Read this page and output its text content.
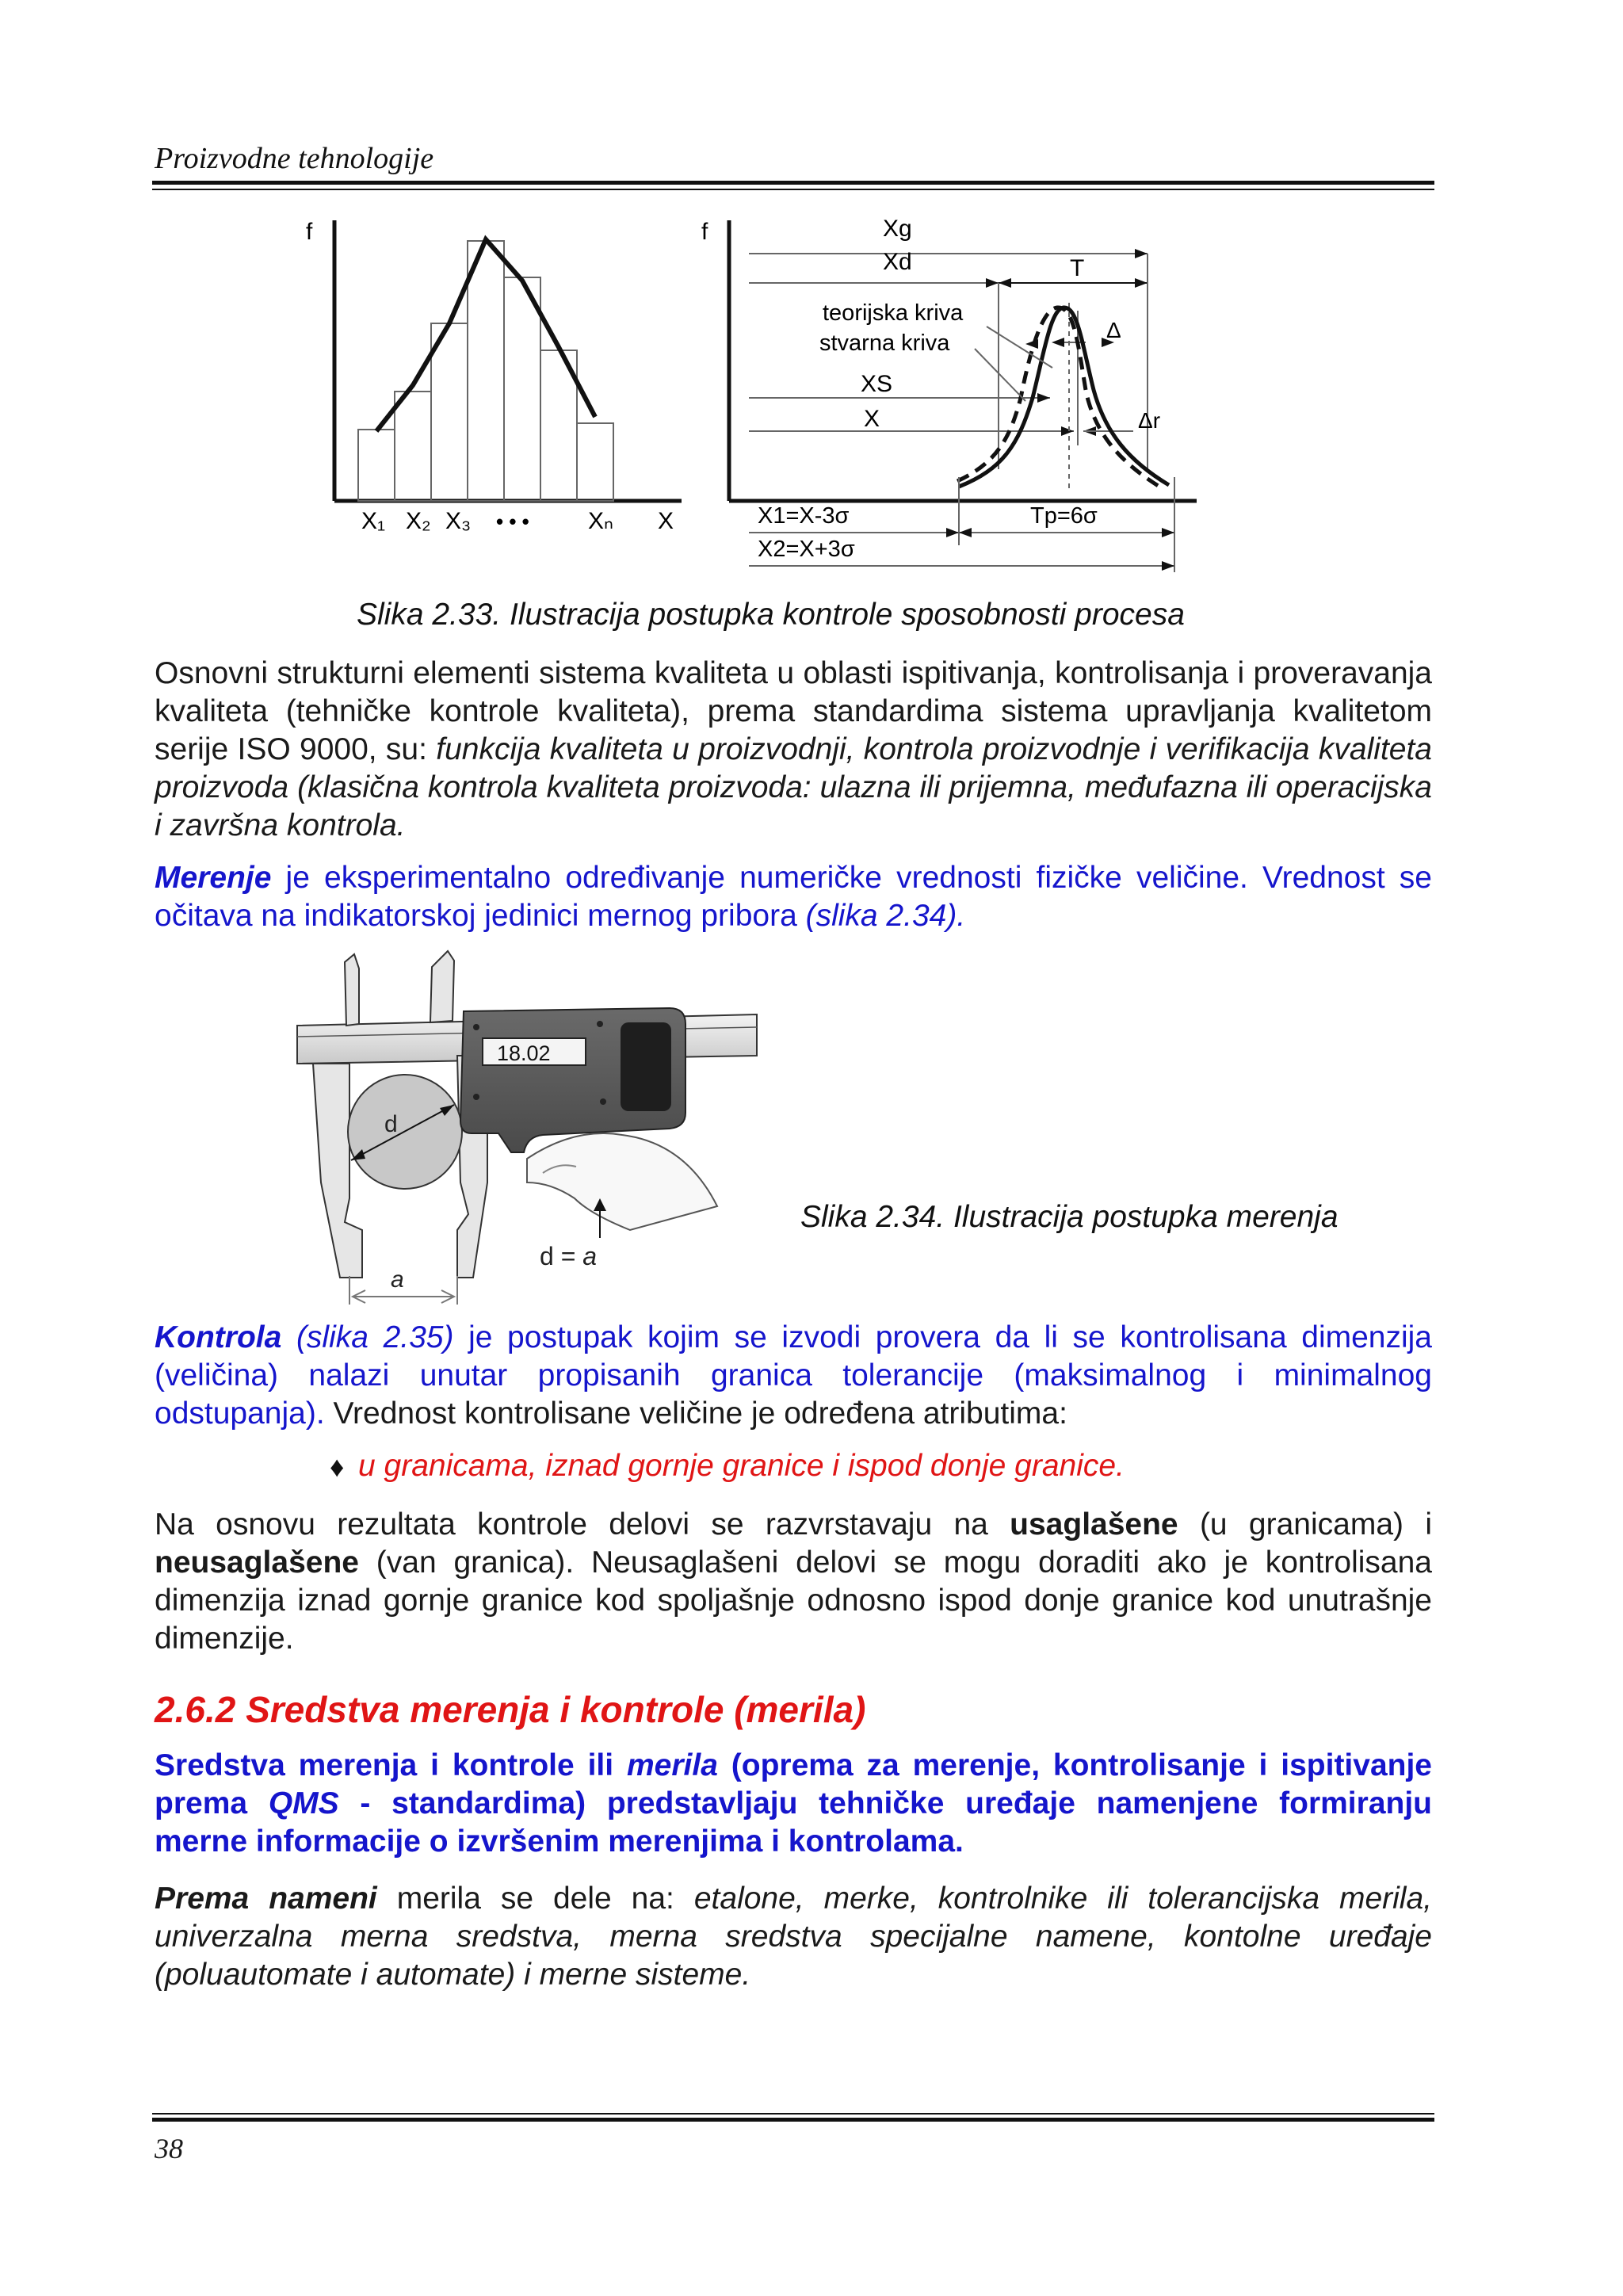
Proizvodne tehnologije
f
X₁ X₂ X₃ • • • Xₙ X
f	Xg
Xd	T
teorijska kriva
stvarna kriva
Δ
XS
X	Δr
X1=X-3σ
X2=X+3σ
Tp=6σ
Slika 2.33. Ilustracija postupka kontrole sposobnosti procesa
Osnovni strukturni elementi sistema kvaliteta u oblasti ispitivanja, kontrolisanja i proveravanja kvaliteta (tehničke kontrole kvaliteta), prema standardima sistema upravljanja kvalitetom serije ISO 9000, su: funkcija kvaliteta u proizvodnji, kontrola proizvodnje i verifikacija kvaliteta proizvoda (klasična kontrola kvaliteta proizvoda: ulazna ili prijemna, međufazna ili operacijska i završna kontrola.
Merenje je eksperimentalno određivanje numeričke vrednosti fizičke veličine. Vrednost se očitava na indikatorskoj jedinici mernog pribora (slika 2.34).
d
18.02
d = a
a
Slika 2.34. Ilustracija postupka merenja
Kontrola (slika 2.35) je postupak kojim se izvodi provera da li se kontrolisana dimenzija (veličina) nalazi unutar propisanih granica tolerancije (maksimalnog i minimalnog odstupanja). Vrednost kontrolisane veličine je određena atributima:
♦ u granicama, iznad gornje granice i ispod donje granice.
Na osnovu rezultata kontrole delovi se razvrstavaju na usaglašene (u granicama) i neusaglašene (van granica). Neusaglašeni delovi se mogu doraditi ako je kontrolisana dimenzija iznad gornje granice kod spoljašnje odnosno ispod donje granice kod unutrašnje dimenzije.
2.6.2 Sredstva merenja i kontrole (merila)
Sredstva merenja i kontrole ili merila (oprema za merenje, kontrolisanje i ispitivanje prema QMS - standardima) predstavljaju tehničke uređaje namenjene formiranju merne informacije o izvršenim merenjima i kontrolama.
Prema nameni merila se dele na: etalone, merke, kontrolnike ili tolerancijska merila, univerzalna merna sredstva, merna sredstva specijalne namene, kontolne uređaje (poluautomate i automate) i merne sisteme.
38
